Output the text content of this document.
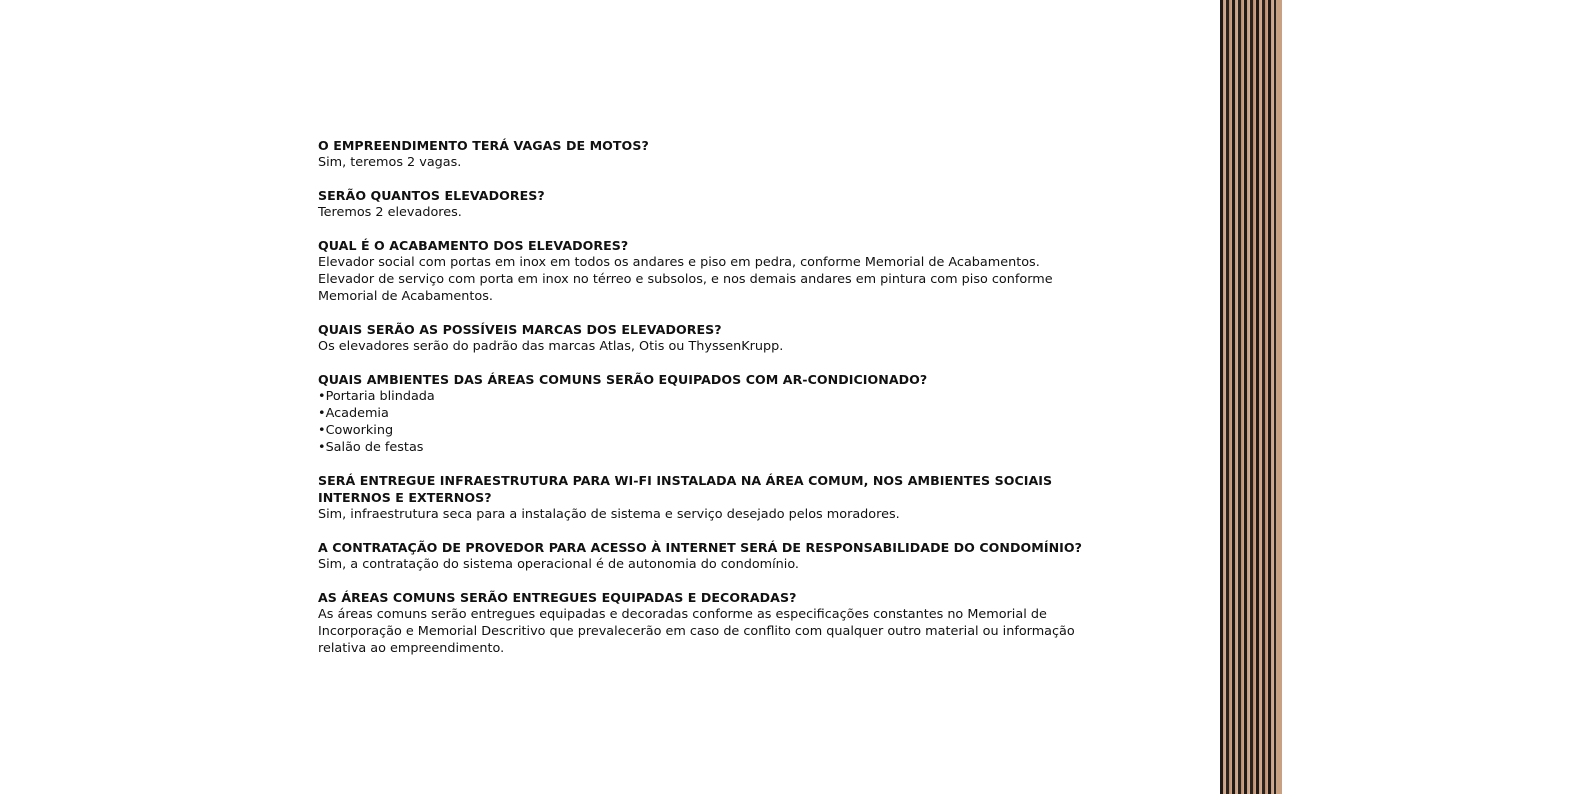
O EMPREENDIMENTO TERÁ VAGAS DE MOTOS?

Sim, teremos 2 vagas.

SERÃO QUANTOS ELEVADORES?

Teremos 2 elevadores.

QUAL É O ACABAMENTO DOS ELEVADORES?

Elevador social com portas em inox em todos os andares e piso em pedra, conforme Memorial de Acabamentos.

Elevador de serviço com porta em inox no térreo e subsolos, e nos demais andares em pintura com piso conforme Memorial de Acabamentos.

QUAIS SERÃO AS POSSÍVEIS MARCAS DOS ELEVADORES?

Os elevadores serão do padrão das marcas Atlas, Otis ou ThyssenKrupp.

QUAIS AMBIENTES DAS ÁREAS COMUNS SERÃO EQUIPADOS COM AR-CONDICIONADO?

• Portaria blindada
• Academia
• Coworking
• Salão de festas

SERÁ ENTREGUE INFRAESTRUTURA PARA WI-FI INSTALADA NA ÁREA COMUM, NOS AMBIENTES SOCIAIS INTERNOS E EXTERNOS?

Sim, infraestrutura seca para a instalação de sistema e serviço desejado pelos moradores.

A CONTRATAÇÃO DE PROVEDOR PARA ACESSO À INTERNET SERÁ DE RESPONSABILIDADE DO CONDOMÍNIO?

Sim, a contratação do sistema operacional é de autonomia do condomínio.

AS ÁREAS COMUNS SERÃO ENTREGUES EQUIPADAS E DECORADAS?

As áreas comuns serão entregues equipadas e decoradas conforme as especificações constantes no Memorial de Incorporação e Memorial Descritivo que prevalecerão em caso de conflito com qualquer outro material ou informação relativa ao empreendimento.
